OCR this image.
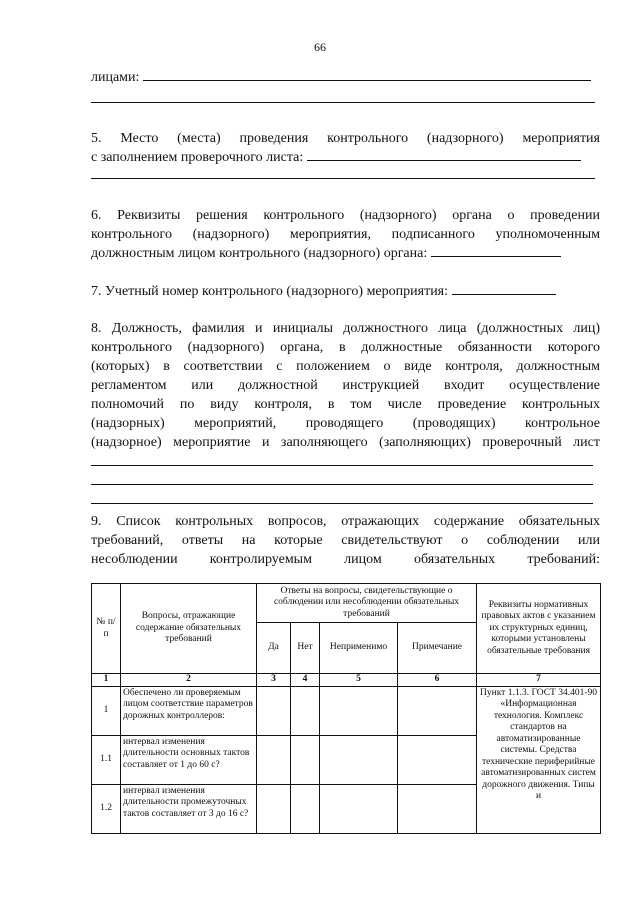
66
лицами:
5. Место (места) проведения контрольного (надзорного) мероприятия
с заполнением проверочного листа:
6. Реквизиты решения контрольного (надзорного) органа о проведении
контрольного (надзорного) мероприятия, подписанного уполномоченным
должностным лицом контрольного (надзорного) органа:
7. Учетный номер контрольного (надзорного) мероприятия:
8. Должность, фамилия и инициалы должностного лица (должностных лиц)
контрольного (надзорного) органа, в должностные обязанности которого
(которых) в соответствии с положением о виде контроля, должностным
регламентом или должностной инструкцией входит осуществление
полномочий по виду контроля, в том числе проведение контрольных
(надзорных) мероприятий, проводящего (проводящих) контрольное
(надзорное) мероприятие и заполняющего (заполняющих) проверочный лист
9. Список контрольных вопросов, отражающих содержание обязательных
требований, ответы на которые свидетельствуют о соблюдении или
несоблюдении контролируемым лицом обязательных требований:
№ п/п	Вопросы, отражающие содержание обязательных требований	Ответы на вопросы, свидетельствующие о соблюдении или несоблюдении обязательных требований				Реквизиты нормативных правовых актов с указанием их структурных единиц, которыми установлены обязательные требования
		Да	Нет	Неприменимо	Примечание	
1	2	3	4	5	6	7
1	Обеспечено ли проверяемым лицом соответствие параметров дорожных контроллеров:					Пункт 1.1.3. ГОСТ 34.401-90 «Информационная технология. Комплекс стандартов на автоматизированные системы. Средства технические периферийные автоматизированных систем дорожного движения. Типы и
1.1	интервал изменения длительности основных тактов составляет от 1 до 60 с?					
1.2	интервал изменения длительности промежуточных тактов составляет от 3 до 16 с?					
